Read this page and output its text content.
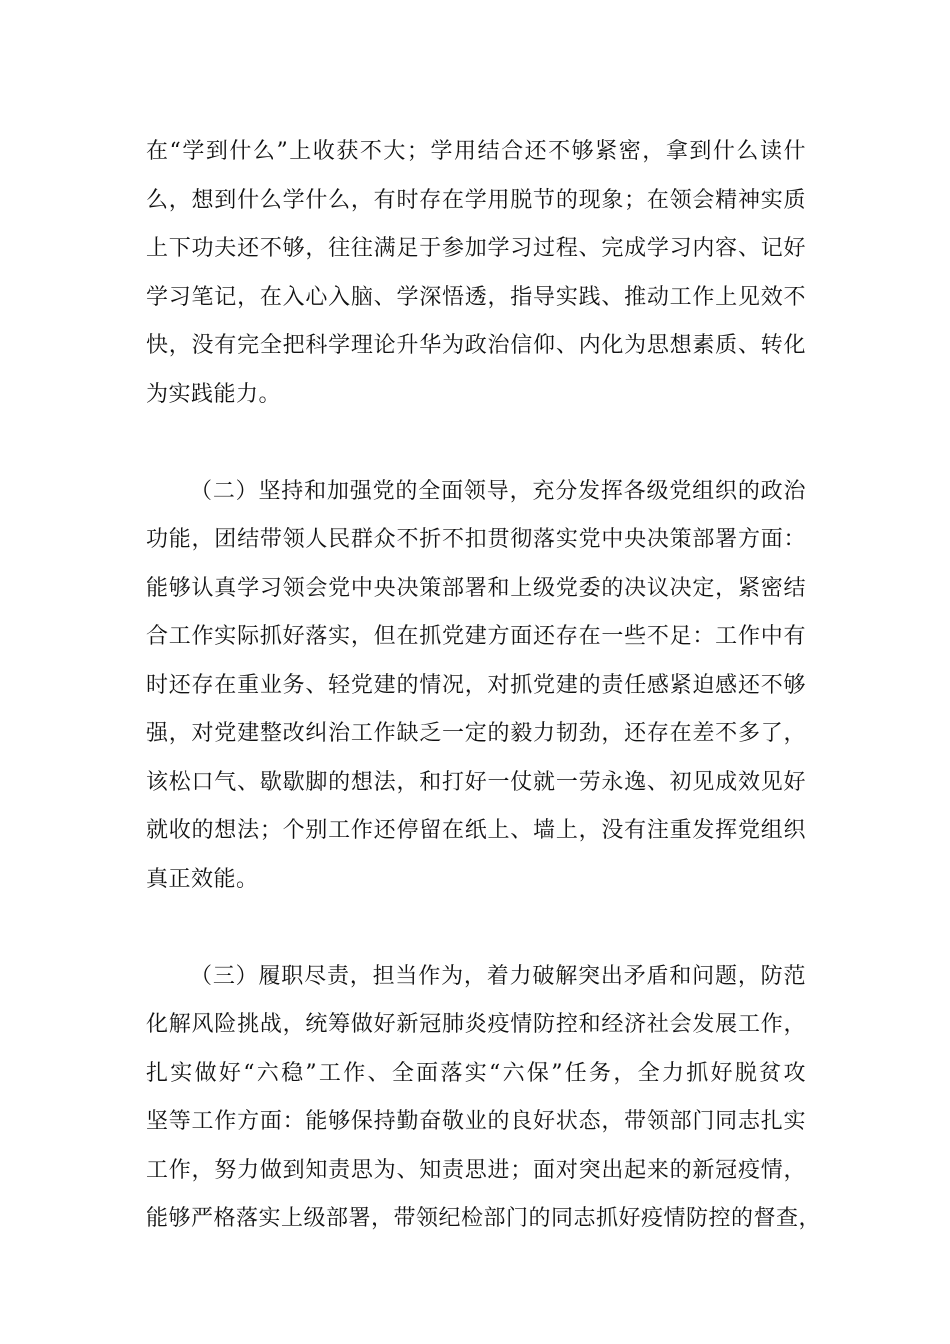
在“学到什么”上收获不大；学用结合还不够紧密，拿到什么读什
么，想到什么学什么，有时存在学用脱节的现象；在领会精神实质
上下功夫还不够，往往满足于参加学习过程、完成学习内容、记好
学习笔记，在入心入脑、学深悟透，指导实践、推动工作上见效不
快，没有完全把科学理论升华为政治信仰、内化为思想素质、转化
为实践能力。
（二）坚持和加强党的全面领导，充分发挥各级党组织的政治
功能，团结带领人民群众不折不扣贯彻落实党中央决策部署方面：
能够认真学习领会党中央决策部署和上级党委的决议决定，紧密结
合工作实际抓好落实，但在抓党建方面还存在一些不足：工作中有
时还存在重业务、轻党建的情况，对抓党建的责任感紧迫感还不够
强，对党建整改纠治工作缺乏一定的毅力韧劲，还存在差不多了，
该松口气、歇歇脚的想法，和打好一仗就一劳永逸、初见成效见好
就收的想法；个别工作还停留在纸上、墙上，没有注重发挥党组织
真正效能。
（三）履职尽责，担当作为，着力破解突出矛盾和问题，防范
化解风险挑战，统筹做好新冠肺炎疫情防控和经济社会发展工作，
扎实做好“六稳”工作、全面落实“六保”任务，全力抓好脱贫攻
坚等工作方面：能够保持勤奋敬业的良好状态，带领部门同志扎实
工作，努力做到知责思为、知责思进；面对突出起来的新冠疫情，
能够严格落实上级部署，带领纪检部门的同志抓好疫情防控的督查，
